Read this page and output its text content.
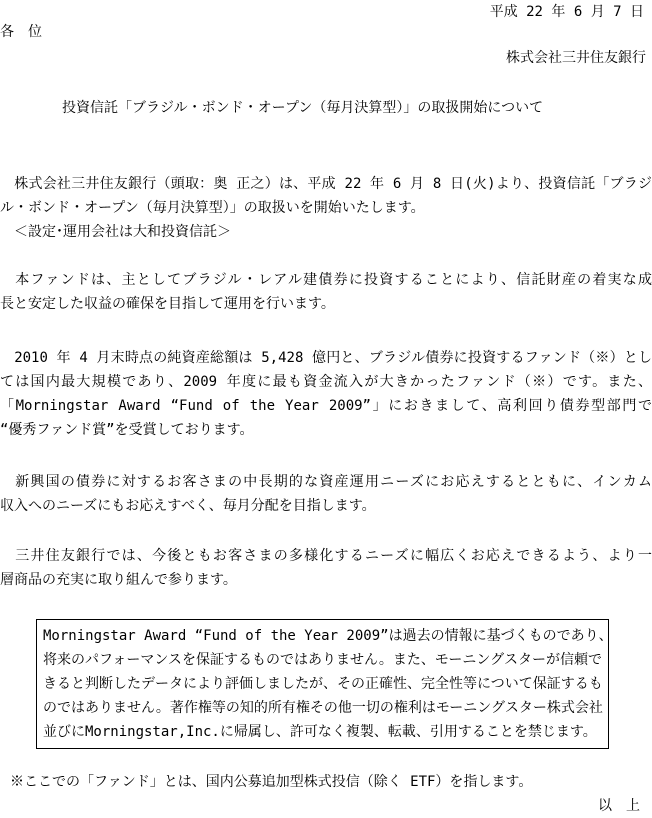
平成 22 年 6 月 7 日
各　位
株式会社三井住友銀行
投資信託「ブラジル・ボンド・オープン（毎月決算型）」の取扱開始について
　株式会社三井住友銀行（頭取：奥 正之）は、平成 22 年 6 月 8 日(火)より、投資信託「ブラジ
ル・ボンド・オープン（毎月決算型）」の取扱いを開始いたします。
　＜設定･運用会社は大和投資信託＞
　本ファンドは、主としてブラジル・レアル建債券に投資することにより、信託財産の着実な成
長と安定した収益の確保を目指して運用を行います。
　2010 年 4 月末時点の純資産総額は 5,428 億円と、ブラジル債券に投資するファンド（※）とし
ては国内最大規模であり、2009 年度に最も資金流入が大きかったファンド（※）です。また、
「Morningstar Award “Fund of the Year 2009”」におきまして、高利回り債券型部門で
“優秀ファンド賞”を受賞しております。
　新興国の債券に対するお客さまの中長期的な資産運用ニーズにお応えするとともに、インカム
収入へのニーズにもお応えすべく、毎月分配を目指します。
　三井住友銀行では、今後ともお客さまの多様化するニーズに幅広くお応えできるよう、より一
層商品の充実に取り組んで参ります。
Morningstar Award “Fund of the Year 2009”は過去の情報に基づくものであり、
将来のパフォーマンスを保証するものではありません。また、モーニングスターが信頼で
きると判断したデータにより評価しましたが、その正確性、完全性等について保証するも
のではありません。著作権等の知的所有権その他一切の権利はモーニングスター株式会社
並びにMorningstar,Inc.に帰属し、許可なく複製、転載、引用することを禁じます。
※ここでの「ファンド」とは、国内公募追加型株式投信（除く ETF）を指します。
以　上
